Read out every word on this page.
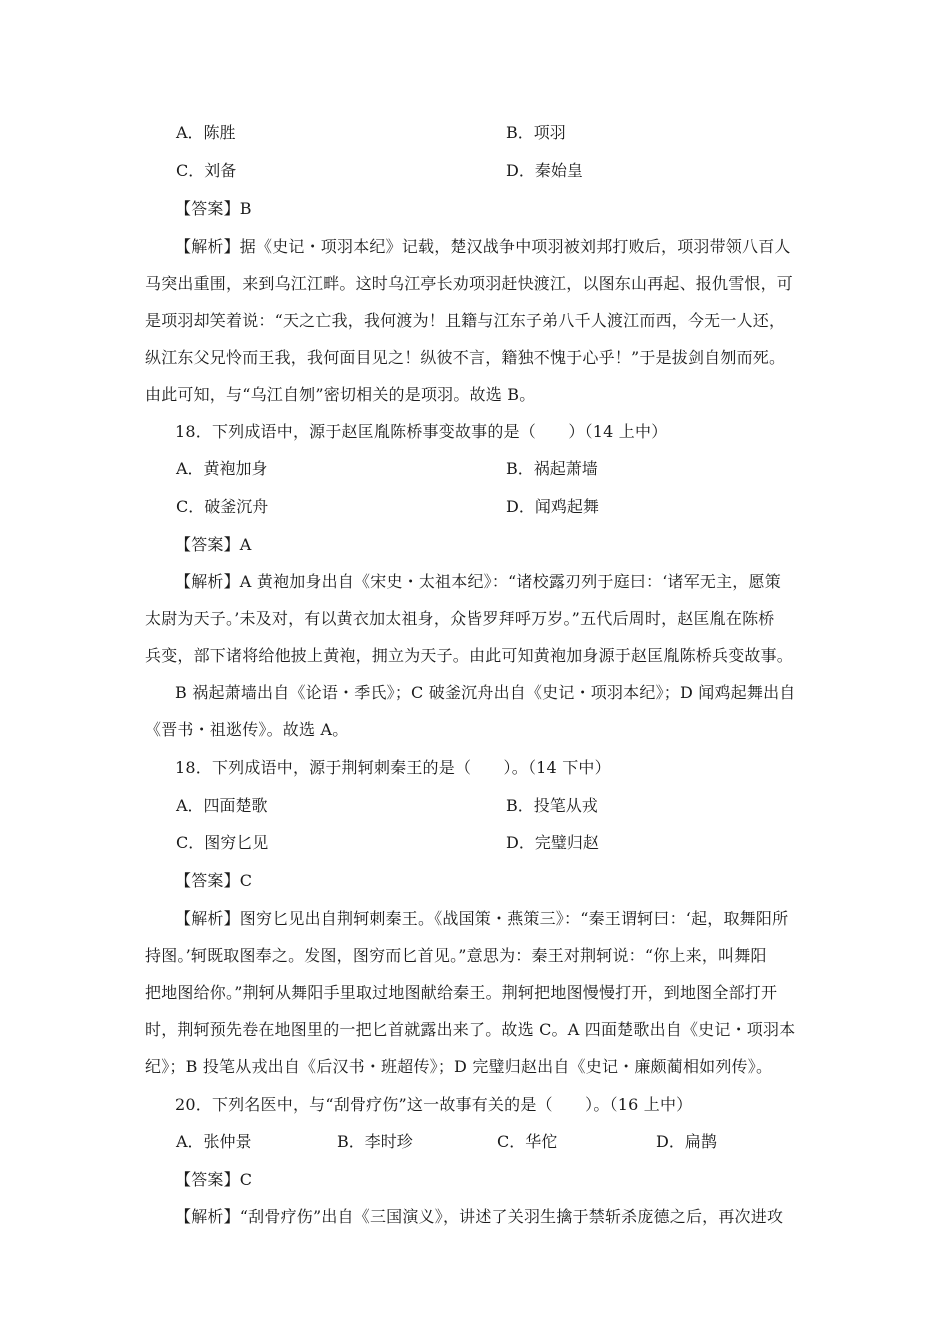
A．陈胜	B．项羽
C．刘备	D．秦始皇
【答案】B
【解析】据《史记・项羽本纪》记载，楚汉战争中项羽被刘邦打败后，项羽带领八百人
马突出重围，来到乌江江畔。这时乌江亭长劝项羽赶快渡江，以图东山再起、报仇雪恨，可
是项羽却笑着说：“天之亡我，我何渡为！且籍与江东子弟八千人渡江而西，今无一人还，
纵江东父兄怜而王我，我何面目见之！纵彼不言，籍独不愧于心乎！”于是拔剑自刎而死。
由此可知，与“乌江自刎”密切相关的是项羽。故选 B。
18．下列成语中，源于赵匡胤陈桥事变故事的是（　　）（14 上中）
A．黄袍加身	B．祸起萧墙
C．破釜沉舟	D．闻鸡起舞
【答案】A
【解析】A 黄袍加身出自《宋史・太祖本纪》：“诸校露刃列于庭曰：‘诸军无主，愿策
太尉为天子。’未及对，有以黄衣加太祖身，众皆罗拜呼万岁。”五代后周时，赵匡胤在陈桥
兵变，部下诸将给他披上黄袍，拥立为天子。由此可知黄袍加身源于赵匡胤陈桥兵变故事。
B 祸起萧墙出自《论语・季氏》；C 破釜沉舟出自《史记・项羽本纪》；D 闻鸡起舞出自
《晋书・祖逖传》。故选 A。
18．下列成语中，源于荆轲刺秦王的是（　　）。（14 下中）
A．四面楚歌	B．投笔从戎
C．图穷匕见	D．完璧归赵
【答案】C
【解析】图穷匕见出自荆轲刺秦王。《战国策・燕策三》：“秦王谓轲曰：‘起，取舞阳所
持图。’轲既取图奉之。发图，图穷而匕首见。”意思为：秦王对荆轲说：“你上来，叫舞阳
把地图给你。”荆轲从舞阳手里取过地图献给秦王。荆轲把地图慢慢打开，到地图全部打开
时，荆轲预先卷在地图里的一把匕首就露出来了。故选 C。A 四面楚歌出自《史记・项羽本
纪》；B 投笔从戎出自《后汉书・班超传》；D 完璧归赵出自《史记・廉颇蔺相如列传》。
20．下列名医中，与“刮骨疗伤”这一故事有关的是（　　）。（16 上中）
A．张仲景	B．李时珍	C．华佗	D．扁鹊
【答案】C
【解析】“刮骨疗伤”出自《三国演义》，讲述了关羽生擒于禁斩杀庞德之后，再次进攻
